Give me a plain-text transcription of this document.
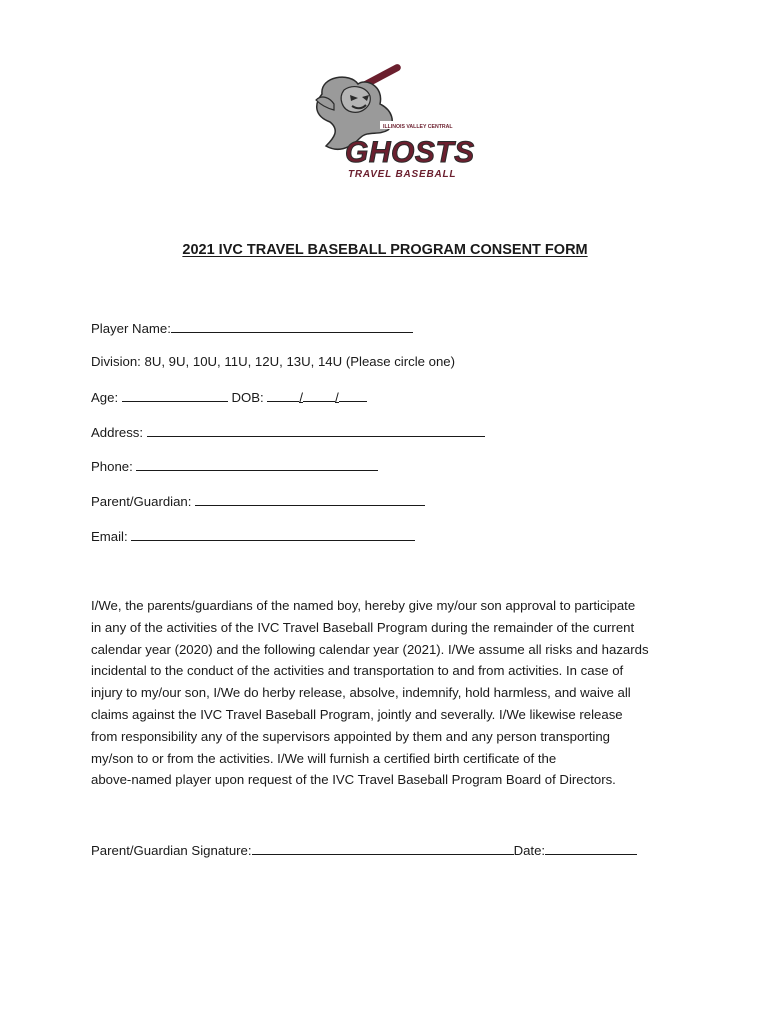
ILLINOIS VALLEY CENTRAL
GHOSTS
TRAVEL BASEBALL
2021 IVC TRAVEL BASEBALL PROGRAM CONSENT FORM
Player Name:
Division: 8U, 9U, 10U, 11U, 12U, 13U, 14U (Please circle one)
Age:	DOB:	/ /
Address:
Phone:
Parent/Guardian:
Email:
I/We, the parents/guardians of the named boy, hereby give my/our son approval to participate
in any of the activities of the IVC Travel Baseball Program during the remainder of the current
calendar year (2020) and the following calendar year (2021). I/We assume all risks and hazards
incidental to the conduct of the activities and transportation to and from activities. In case of
injury to my/our son, I/We do herby release, absolve, indemnify, hold harmless, and waive all
claims against the IVC Travel Baseball Program, jointly and severally. I/We likewise release
from responsibility any of the supervisors appointed by them and any person transporting
my/son to or from the activities. I/We will furnish a certified birth certificate of the
above-named player upon request of the IVC Travel Baseball Program Board of Directors.
Parent/Guardian Signature:	Date:
